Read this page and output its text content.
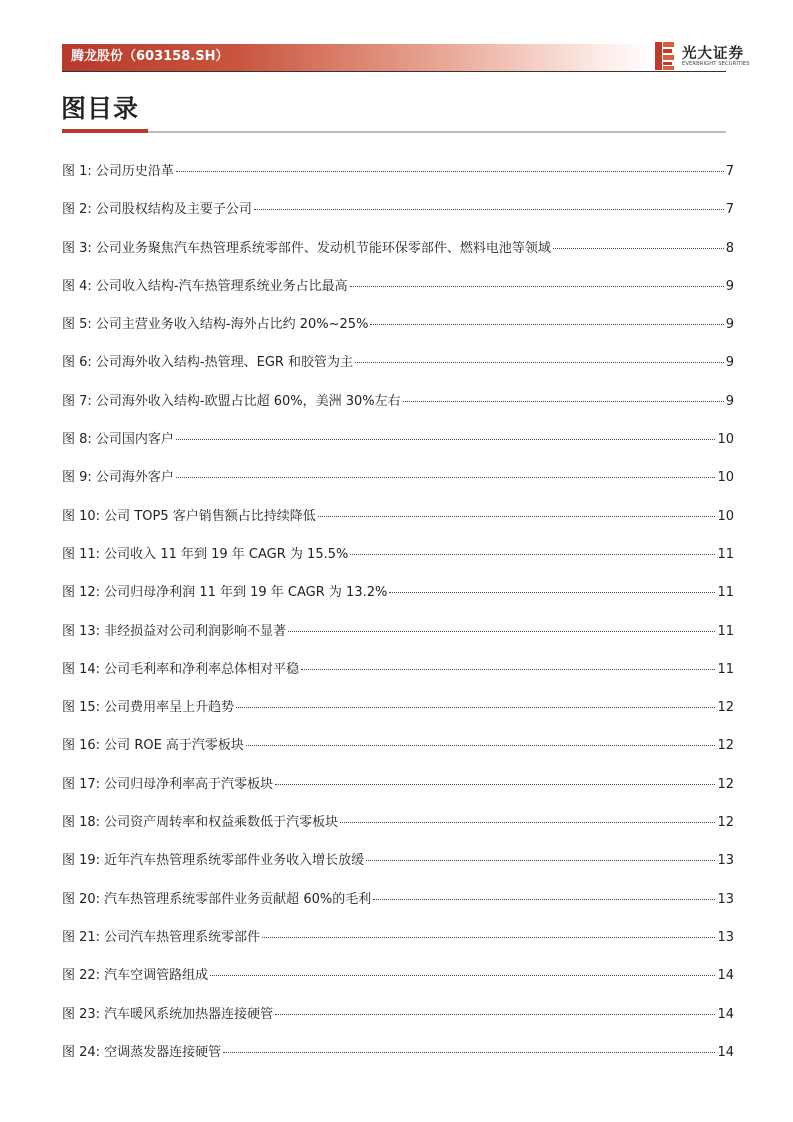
腾龙股份（603158.SH）	光大证券
EVERBRIGHT SECURITIES
图目录
图 1: 公司历史沿革	7
图 2: 公司股权结构及主要子公司	7
图 3: 公司业务聚焦汽车热管理系统零部件、发动机节能环保零部件、燃料电池等领域	8
图 4: 公司收入结构-汽车热管理系统业务占比最高	9
图 5: 公司主营业务收入结构-海外占比约 20%~25%	9
图 6: 公司海外收入结构-热管理、EGR 和胶管为主	9
图 7: 公司海外收入结构-欧盟占比超 60%，美洲 30%左右	9
图 8: 公司国内客户	10
图 9: 公司海外客户	10
图 10: 公司 TOP5 客户销售额占比持续降低	10
图 11: 公司收入 11 年到 19 年 CAGR 为 15.5%	11
图 12: 公司归母净利润 11 年到 19 年 CAGR 为 13.2%	11
图 13: 非经损益对公司利润影响不显著	11
图 14: 公司毛利率和净利率总体相对平稳	11
图 15: 公司费用率呈上升趋势	12
图 16: 公司 ROE 高于汽零板块	12
图 17: 公司归母净利率高于汽零板块	12
图 18: 公司资产周转率和权益乘数低于汽零板块	12
图 19: 近年汽车热管理系统零部件业务收入增长放缓	13
图 20: 汽车热管理系统零部件业务贡献超 60%的毛利	13
图 21: 公司汽车热管理系统零部件	13
图 22: 汽车空调管路组成	14
图 23: 汽车暖风系统加热器连接硬管	14
图 24: 空调蒸发器连接硬管	14
